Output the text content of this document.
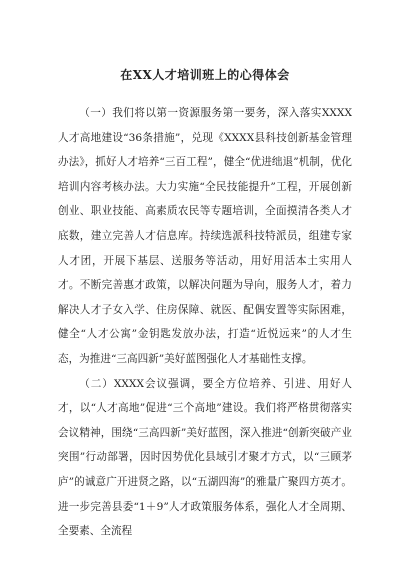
在XX人才培训班上的心得体会

（一）我们将以第一资源服务第一要务，深入落实XXXX人才高地建设“36条措施”，兑现《XXXX县科技创新基金管理办法》，抓好人才培养“三百工程”，健全“优进绌退”机制，优化培训内容考核办法。大力实施“全民技能提升”工程，开展创新创业、职业技能、高素质农民等专题培训，全面摸清各类人才底数，建立完善人才信息库。持续选派科技特派员，组建专家人才团，开展下基层、送服务等活动，用好用活本土实用人才。不断完善惠才政策，以解决问题为导向，服务人才，着力解决人才子女入学、住房保障、就医、配偶安置等实际困难，健全“人才公寓”金钥匙发放办法，打造“近悦远来”的人才生态，为推进“三高四新”美好蓝图强化人才基础性支撑。

（二）XXXX会议强调，要全方位培养、引进、用好人才，以“人才高地”促进“三个高地”建设。我们将严格贯彻落实会议精神，围绕“三高四新”美好蓝图，深入推进“创新突破产业突围”行动部署，因时因势优化县域引才聚才方式，以“三顾茅庐”的诚意广开进贤之路，以“五湖四海”的雅量广聚四方英才。进一步完善县委“1＋9”人才政策服务体系，强化人才全周期、全要素、全流程
